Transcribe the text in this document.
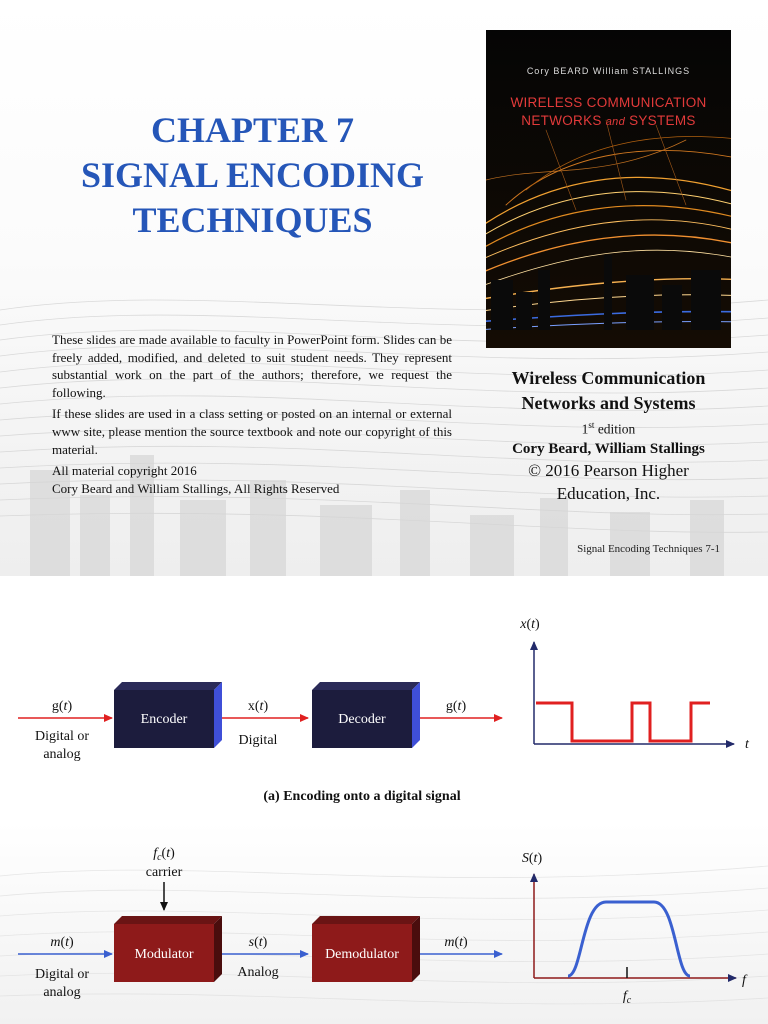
CHAPTER 7
SIGNAL ENCODING
TECHNIQUES
Cory BEARD William STALLINGS
WIRELESS COMMUNICATION
NETWORKS and SYSTEMS

These slides are made available to faculty in PowerPoint form. Slides can be freely added, modified, and deleted to suit student needs. They represent substantial work on the part of the authors; therefore, we request the following.

If these slides are used in a class setting or posted on an internal or external www site, please mention the source textbook and note our copyright of this material.

All material copyright 2016
Cory Beard and William Stallings, All Rights Reserved
Wireless Communication
Networks and Systems
1st edition
Cory Beard, William Stallings
© 2016 Pearson Higher
Education, Inc.
Signal Encoding Techniques 7-1
g(t)
Digital or
analog
Encoder
x(t)
Digital
Decoder
g(t)
x(t)
t
(a) Encoding onto a digital signal
$f_c(t)$
carrier
m(t)
Digital or
analog
Modulator
s(t)
Analog
Demodulator
m(t)
S(t)
f
$f_c$
